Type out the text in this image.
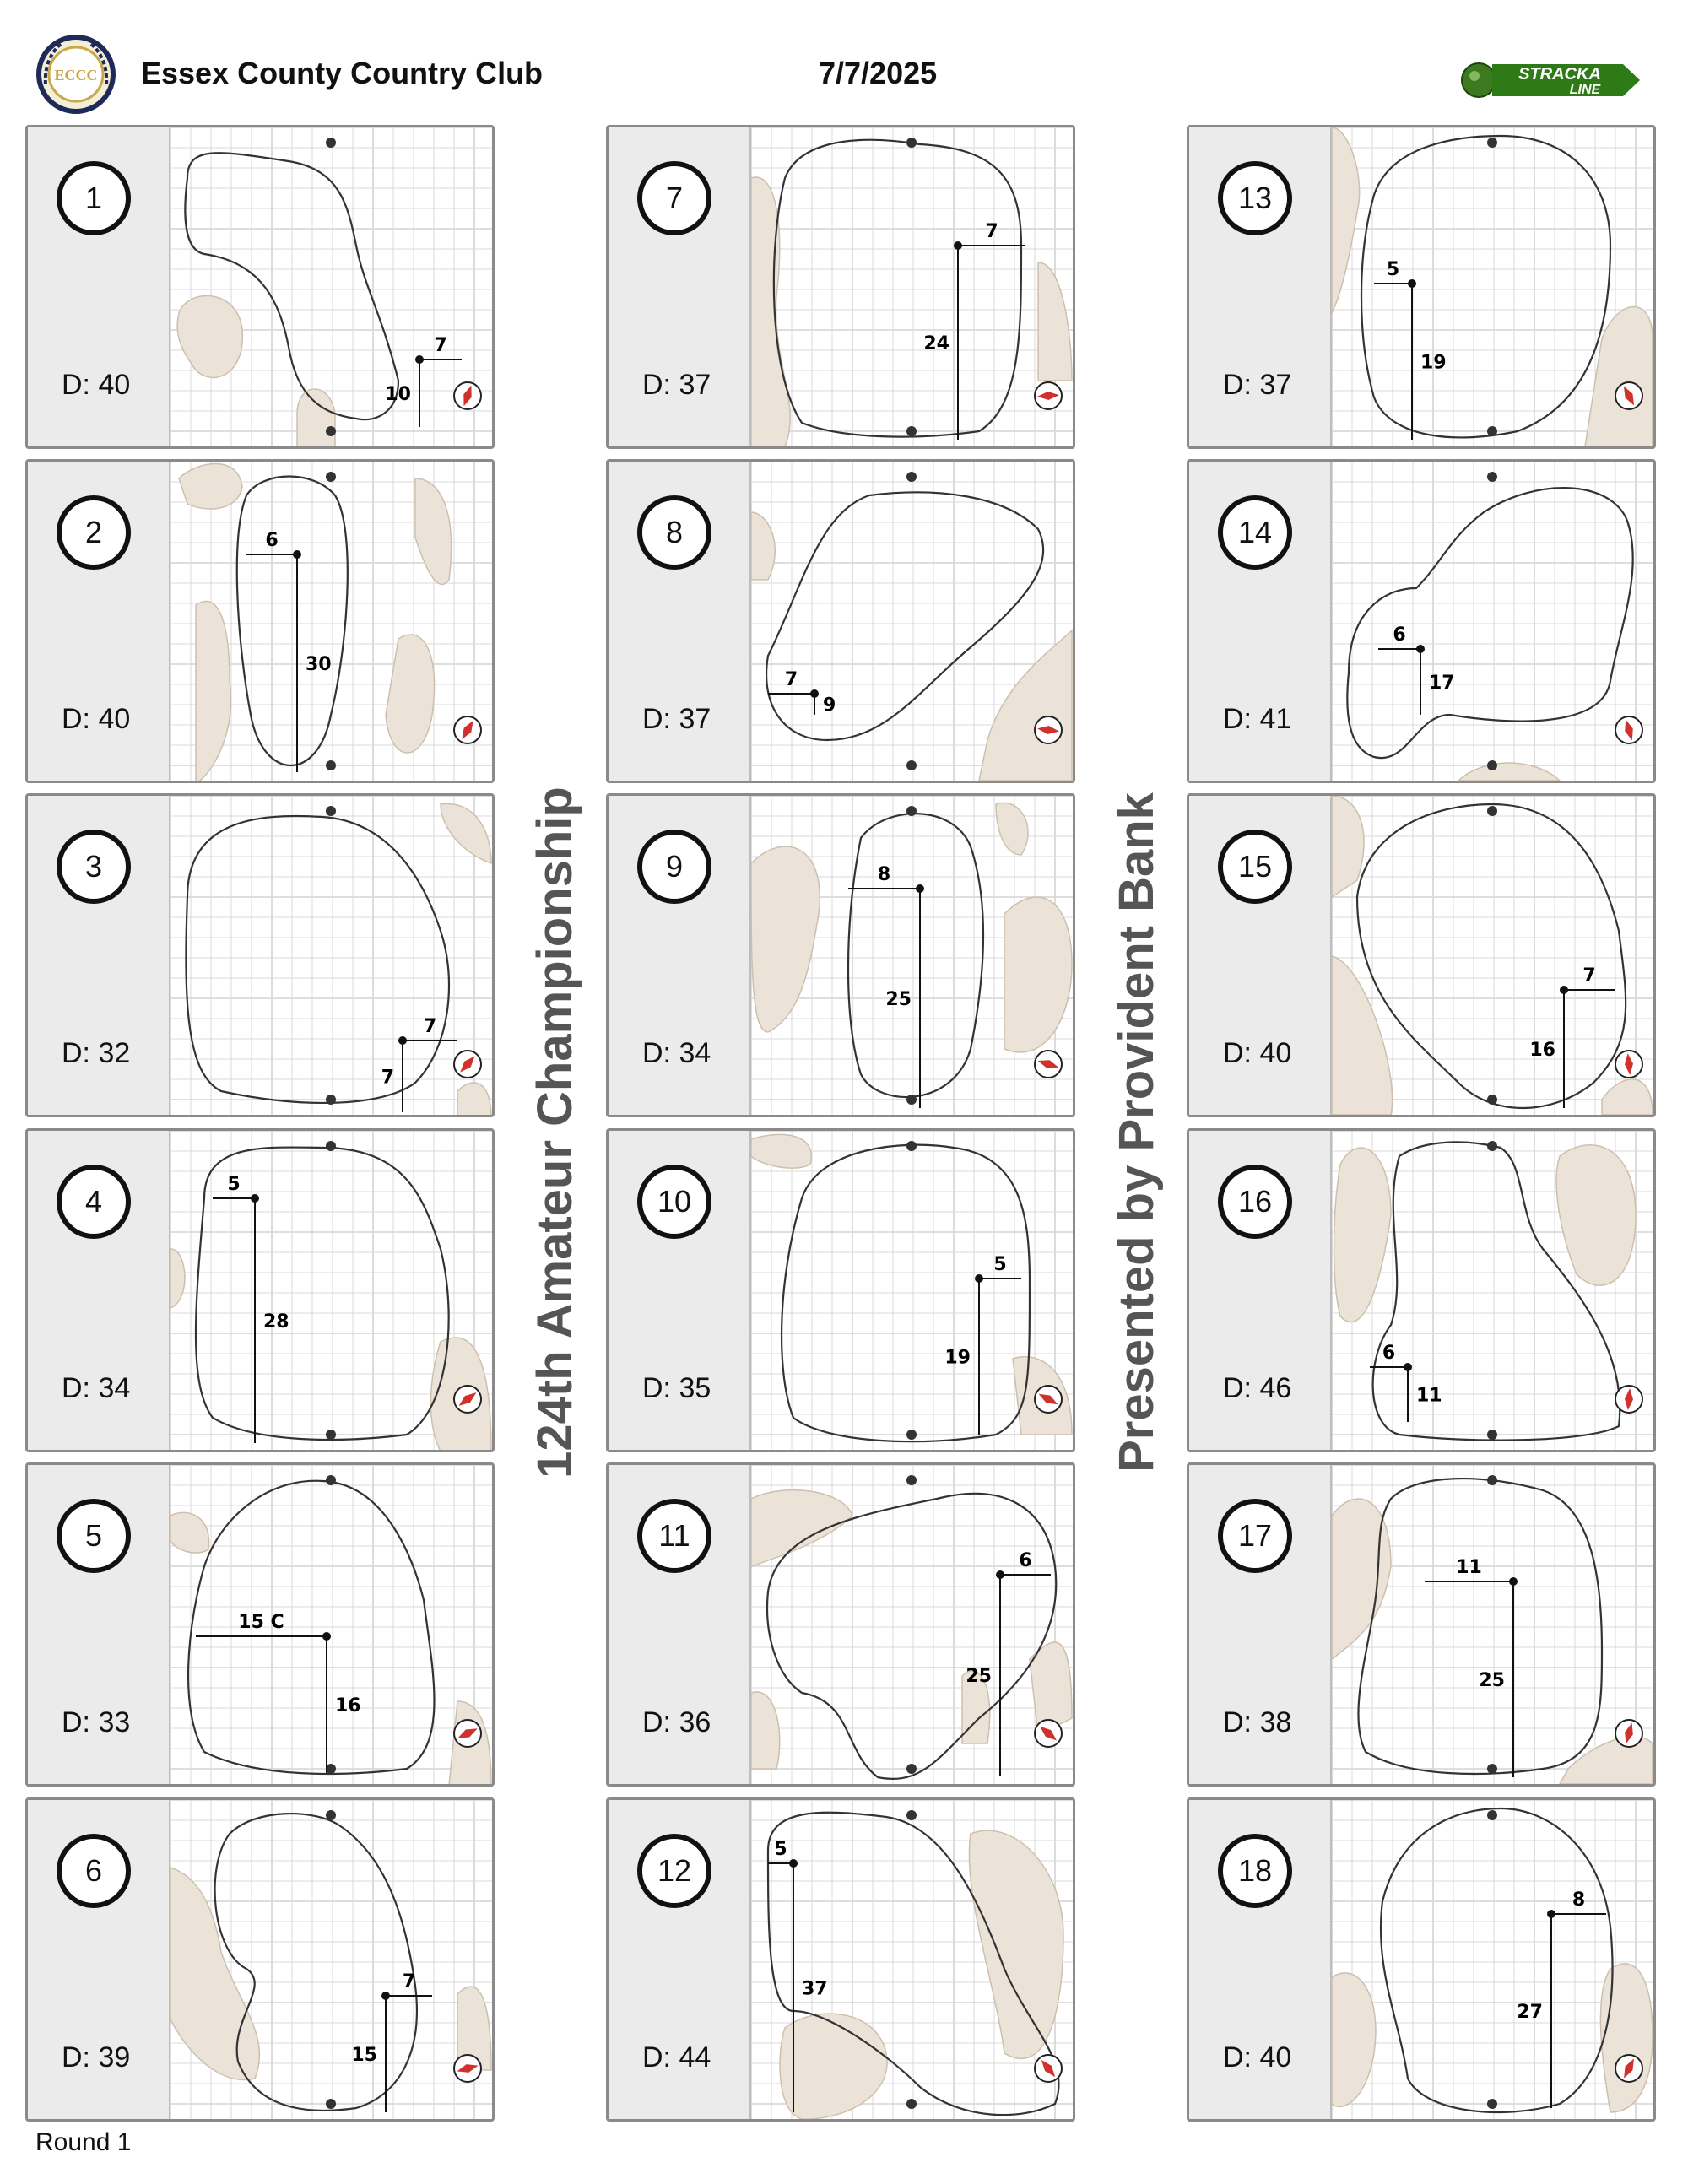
ECCC Essex County Country Club	7/7/2025	STRACKA
LINE
124th Amateur Championship	Presented by Provident Bank
1
D: 40
7
10
2
D: 40
6
30
3
D: 32
7
7
4
D: 34
5
28
5
D: 33
15 C
16
6
D: 39
7
15
7
D: 37
7
24
8
D: 37
7
9
9
D: 34
8
25
10
D: 35
5
19
11
D: 36
6
25
12
D: 44
5
37
13
D: 37
5
19
14
D: 41
6
17
15
D: 40
7
16
16
D: 46
6
11
17
D: 38
11
25
18
D: 40
8
27
Round 1
